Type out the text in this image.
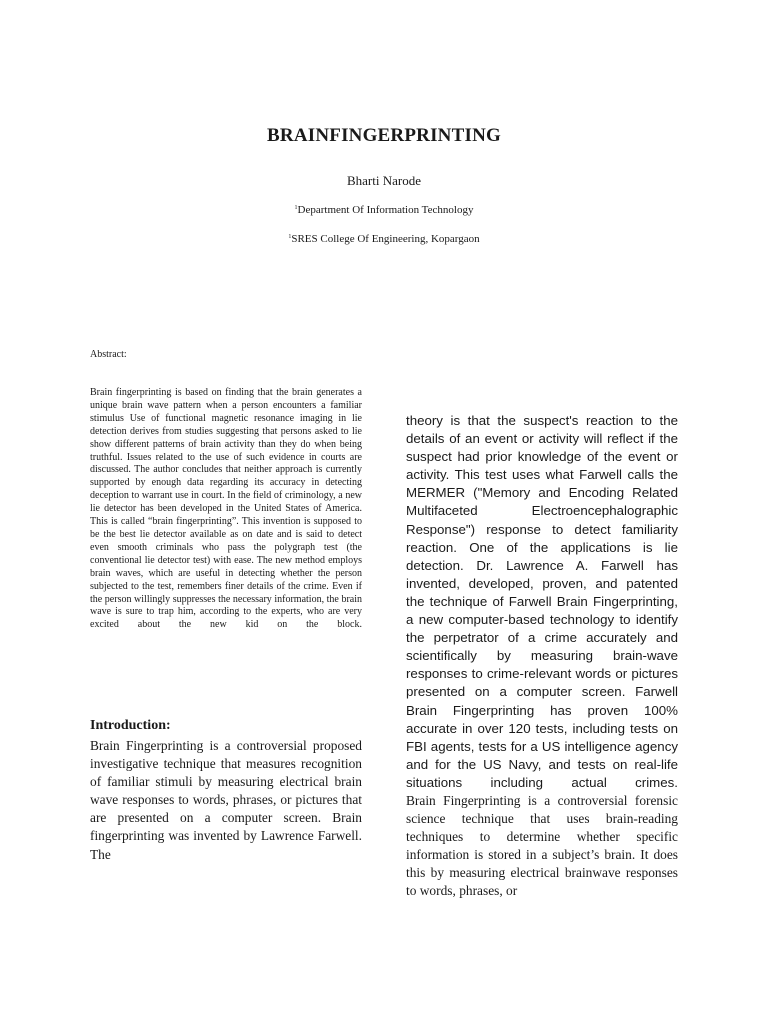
BRAINFINGERPRINTING
Bharti Narode
$^1$Department Of Information Technology
$^1$SRES College Of Engineering, Kopargaon
Abstract:
Brain fingerprinting is based on finding that the brain generates a unique brain wave pattern when a person encounters a familiar stimulus Use of functional magnetic resonance imaging in lie detection derives from studies suggesting that persons asked to lie show different patterns of brain activity than they do when being truthful. Issues related to the use of such evidence in courts are discussed. The author concludes that neither approach is currently supported by enough data regarding its accuracy in detecting deception to warrant use in court. In the field of criminology, a new lie detector has been developed in the United States of America. This is called “brain fingerprinting”. This invention is supposed to be the best lie detector available as on date and is said to detect even smooth criminals who pass the polygraph test (the conventional lie detector test) with ease. The new method employs brain waves, which are useful in detecting whether the person subjected to the test, remembers finer details of the crime. Even if the person willingly suppresses the necessary information, the brain wave is sure to trap him, according to the experts, who are very excited about the new kid on the block.
Introduction:
Brain Fingerprinting is a controversial proposed investigative technique that measures recognition of familiar stimuli by measuring electrical brain wave responses to words, phrases, or pictures that are presented on a computer screen. Brain fingerprinting was invented by Lawrence Farwell. The

theory is that the suspect's reaction to the details of an event or activity will reflect if the suspect had prior knowledge of the event or activity. This test uses what Farwell calls the MERMER ("Memory and Encoding Related Multifaceted Electroencephalographic Response") response to detect familiarity reaction. One of the applications is lie detection. Dr. Lawrence A. Farwell has invented, developed, proven, and patented the technique of Farwell Brain Fingerprinting, a new computer-based technology to identify the perpetrator of a crime accurately and scientifically by measuring brain-wave responses to crime-relevant words or pictures presented on a computer screen. Farwell Brain Fingerprinting has proven 100% accurate in over 120 tests, including tests on FBI agents, tests for a US intelligence agency and for the US Navy, and tests on real-life situations including actual crimes.

Brain Fingerprinting is a controversial forensic science technique that uses brain-reading techniques to determine whether specific information is stored in a subject’s brain. It does this by measuring electrical brainwave responses to words, phrases, or
